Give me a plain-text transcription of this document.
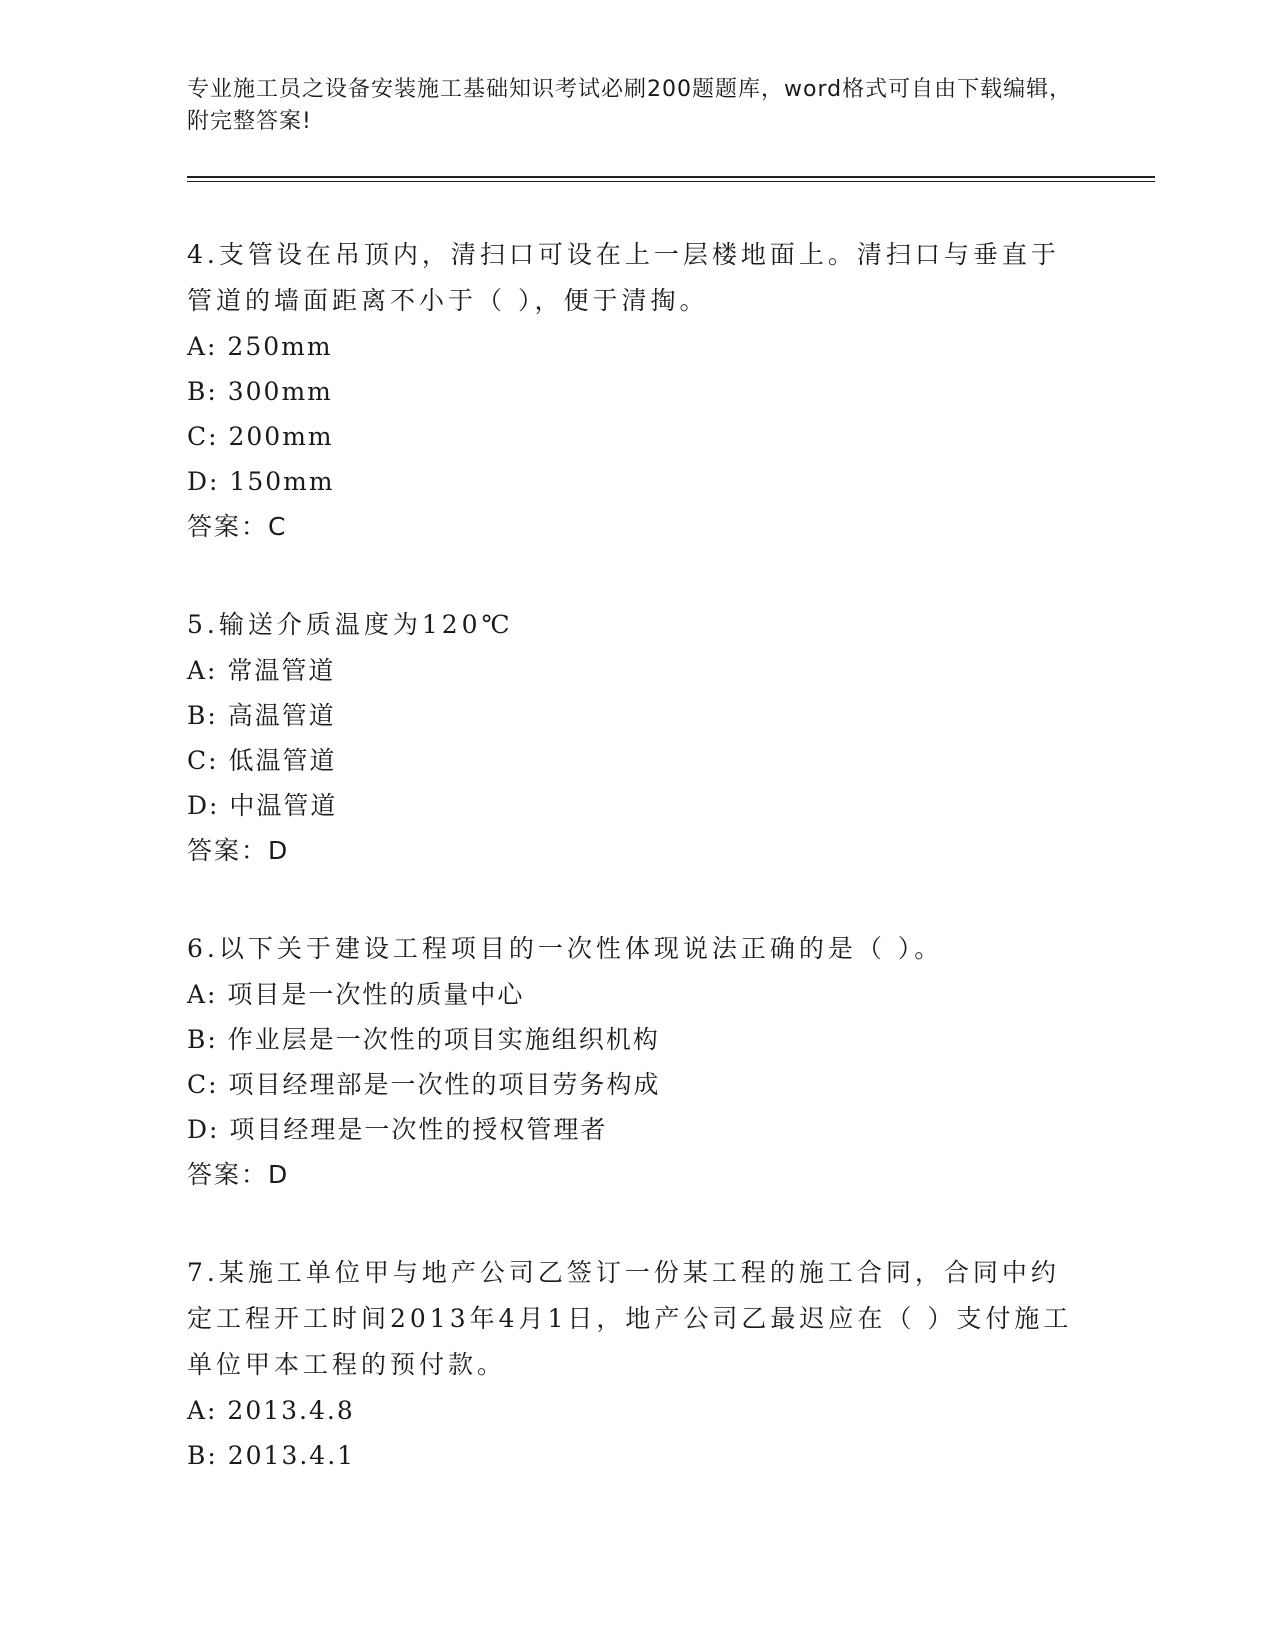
专业施工员之设备安装施工基础知识考试必刷200题题库，word格式可自由下载编辑，附完整答案!
4.支管设在吊顶内，清扫口可设在上一层楼地面上。清扫口与垂直于管道的墙面距离不小于（ ），便于清掏。
A: 250mm
B: 300mm
C: 200mm
D: 150mm
答案：C
5.输送介质温度为120℃
A: 常温管道
B: 高温管道
C: 低温管道
D: 中温管道
答案：D
6.以下关于建设工程项目的一次性体现说法正确的是（ ）。
A: 项目是一次性的质量中心
B: 作业层是一次性的项目实施组织机构
C: 项目经理部是一次性的项目劳务构成
D: 项目经理是一次性的授权管理者
答案：D
7.某施工单位甲与地产公司乙签订一份某工程的施工合同，合同中约定工程开工时间2013年4月1日，地产公司乙最迟应在（ ）支付施工单位甲本工程的预付款。
A: 2013.4.8
B: 2013.4.1
